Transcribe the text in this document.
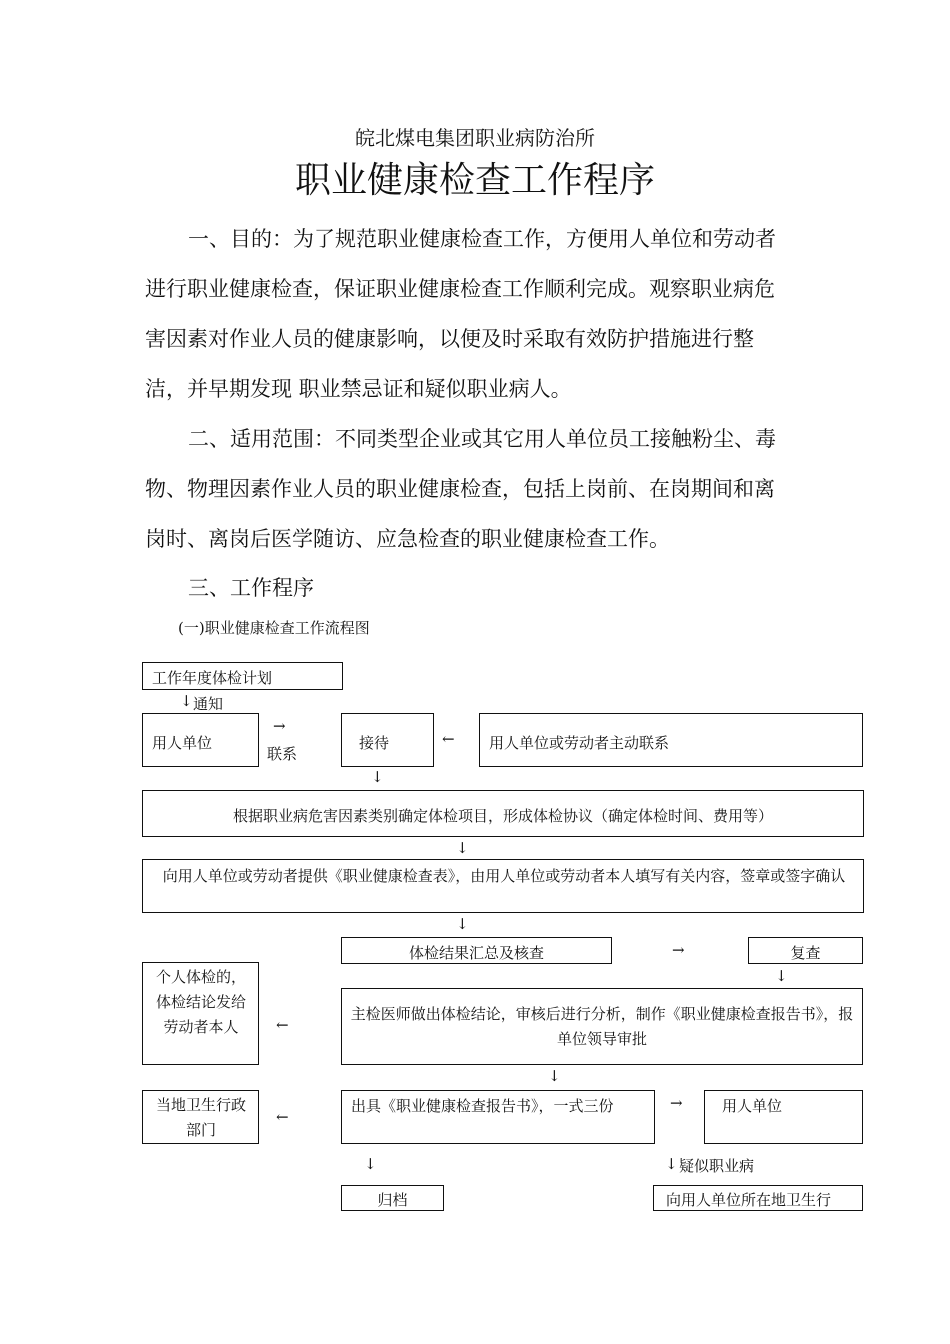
皖北煤电集团职业病防治所
职业健康检查工作程序
一、目的：为了规范职业健康检查工作，方便用人单位和劳动者
进行职业健康检查，保证职业健康检查工作顺利完成。观察职业病危
害因素对作业人员的健康影响，以便及时采取有效防护措施进行整
洁，并早期发现 职业禁忌证和疑似职业病人。
二、适用范围：不同类型企业或其它用人单位员工接触粉尘、毒
物、物理因素作业人员的职业健康检查，包括上岗前、在岗期间和离
岗时、离岗后医学随访、应急检查的职业健康检查工作。
三、工作程序
(一)职业健康检查工作流程图
工作年度体检计划
↓ 通知
用人单位
→
联系
接待	← 用人单位或劳动者主动联系
↓
根据职业病危害因素类别确定体检项目，形成体检协议（确定体检时间、费用等）
↓
向用人单位或劳动者提供《职业健康检查表》，由用人单位或劳动者本人填写有关内容，签章或签字确认
↓
体检结果汇总及核查	→	复查
↓
个人体检的，体检结论发给劳动者本人	←
主检医师做出体检结论，审核后进行分析，制作《职业健康检查报告书》，报单位领导审批
↓
当地卫生行政部门
←
出具《职业健康检查报告书》，一式三份	→	用人单位
↓	↓ 疑似职业病
归档	向用人单位所在地卫生行
